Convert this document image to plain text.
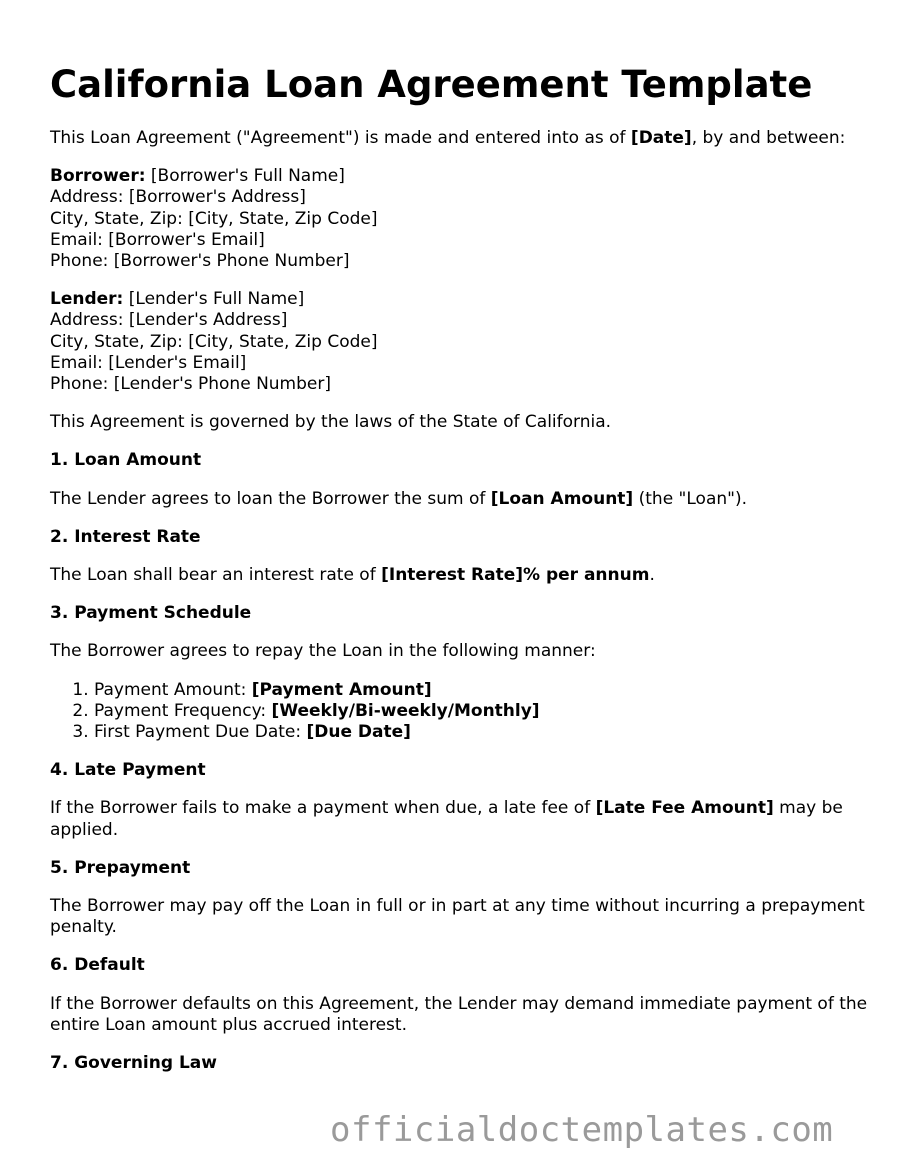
California Loan Agreement Template

This Loan Agreement ("Agreement") is made and entered into as of [Date], by and between:

Borrower: [Borrower's Full Name]
Address: [Borrower's Address]
City, State, Zip: [City, State, Zip Code]
Email: [Borrower's Email]
Phone: [Borrower's Phone Number]
Lender: [Lender's Full Name]
Address: [Lender's Address]
City, State, Zip: [City, State, Zip Code]
Email: [Lender's Email]
Phone: [Lender's Phone Number]

This Agreement is governed by the laws of the State of California.

1. Loan Amount

The Lender agrees to loan the Borrower the sum of [Loan Amount] (the "Loan").

2. Interest Rate

The Loan shall bear an interest rate of [Interest Rate]% per annum.

3. Payment Schedule

The Borrower agrees to repay the Loan in the following manner:

1. Payment Amount: [Payment Amount]
2. Payment Frequency: [Weekly/Bi-weekly/Monthly]
3. First Payment Due Date: [Due Date]
4. Late Payment

If the Borrower fails to make a payment when due, a late fee of [Late Fee Amount] may be applied.

5. Prepayment

The Borrower may pay off the Loan in full or in part at any time without incurring a prepayment penalty.

6. Default

If the Borrower defaults on this Agreement, the Lender may demand immediate payment of the entire Loan amount plus accrued interest.

7. Governing Law
officialdoctemplates.com
